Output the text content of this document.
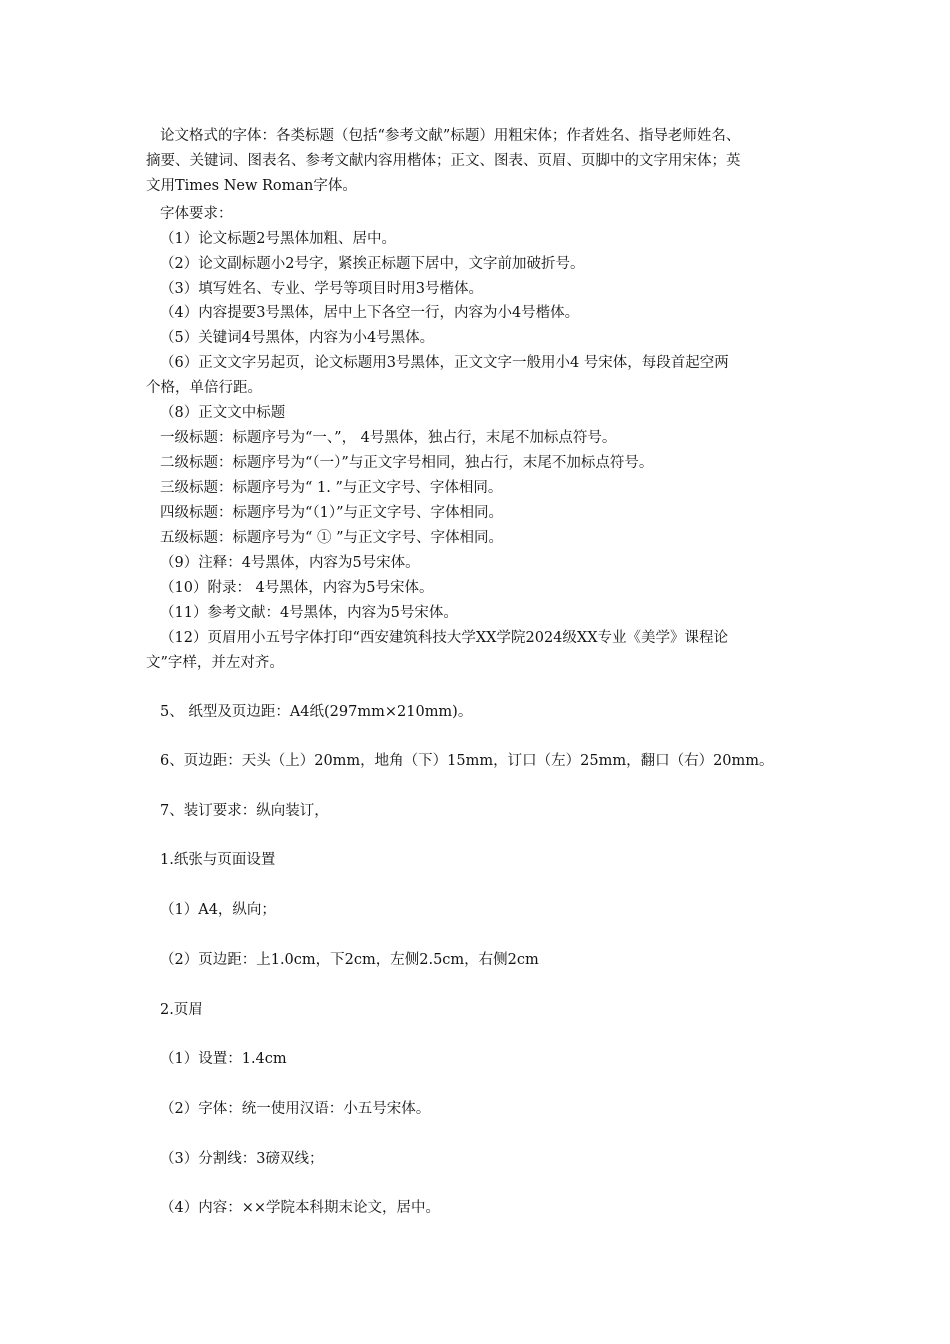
论文格式的字体：各类标题（包括“参考文献”标题）用粗宋体；作者姓名、指导老师姓名、
摘要、关键词、图表名、参考文献内容用楷体；正文、图表、页眉、页脚中的文字用宋体；英
文用Times New Roman字体。
字体要求：
（1）论文标题2号黑体加粗、居中。
（2）论文副标题小2号字，紧挨正标题下居中，文字前加破折号。
（3）填写姓名、专业、学号等项目时用3号楷体。
（4）内容提要3号黑体，居中上下各空一行，内容为小4号楷体。
（5）关键词4号黑体，内容为小4号黑体。
（6）正文文字另起页，论文标题用3号黑体，正文文字一般用小4 号宋体，每段首起空两
个格，单倍行距。
（8）正文文中标题
一级标题：标题序号为“一、”， 4号黑体，独占行，末尾不加标点符号。
二级标题：标题序号为“（一）”与正文字号相同，独占行，末尾不加标点符号。
三级标题：标题序号为“ 1. ”与正文字号、字体相同。
四级标题：标题序号为“（1）”与正文字号、字体相同。
五级标题：标题序号为“ ① ”与正文字号、字体相同。
（9）注释：4号黑体，内容为5号宋体。
（10）附录： 4号黑体，内容为5号宋体。
（11）参考文献：4号黑体，内容为5号宋体。
（12）页眉用小五号字体打印“西安建筑科技大学XX学院2024级XX专业《美学》课程论
文”字样，并左对齐。
5、 纸型及页边距：A4纸(297mm×210mm)。
6、页边距：天头（上）20mm，地角（下）15mm，订口（左）25mm，翻口（右）20mm。
7、装订要求：纵向装订，
1.纸张与页面设置
（1）A4，纵向；
（2）页边距：上1.0cm，下2cm，左侧2.5cm，右侧2cm
2.页眉
（1）设置：1.4cm
（2）字体：统一使用汉语：小五号宋体。
（3）分割线：3磅双线；
（4）内容：××学院本科期末论文，居中。
